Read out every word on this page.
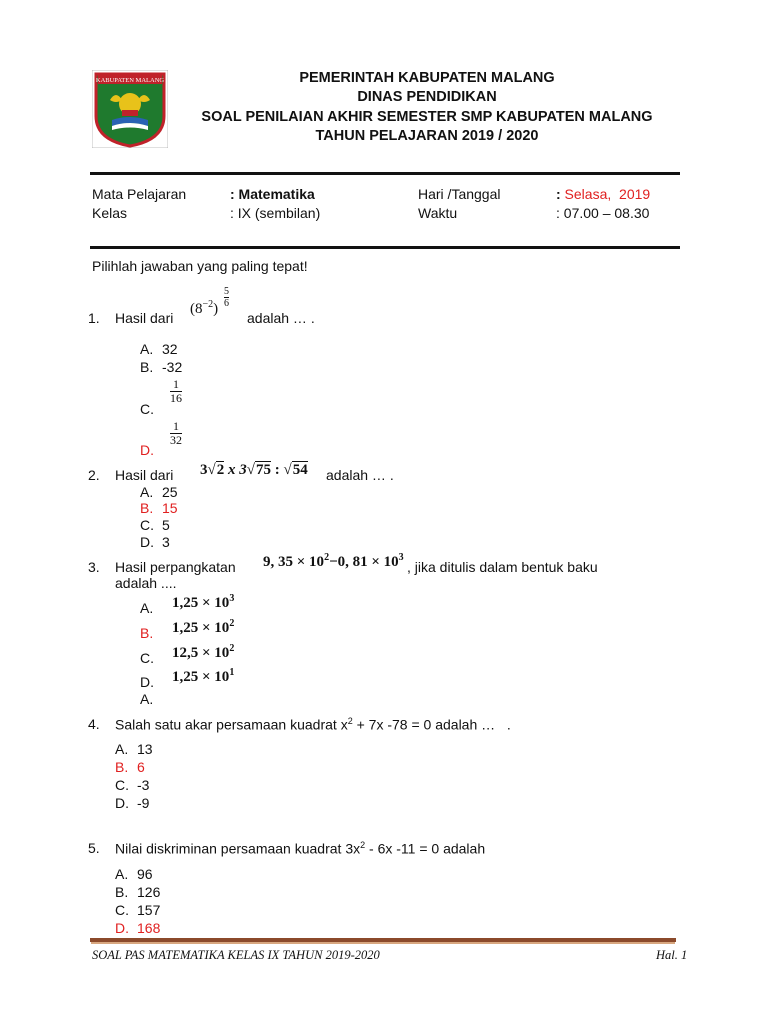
KABUPATEN MALANG	PEMERINTAH KABUPATEN MALANG
DINAS PENDIDIKAN
SOAL PENILAIAN AKHIR SEMESTER SMP KABUPATEN MALANG
TAHUN PELAJARAN 2019 / 2020
Mata Pelajaran	: Matematika
Kelas	: IX (sembilan)
Hari /Tanggal	: Selasa,  2019
Waktu	: 07.00 – 08.30
Pilihlah jawaban yang paling tepat!
1. Hasil dari
$(8^{-2}) \frac{5}{6}$
adalah … .
A. 32
B. -32
C.
$\frac{1}{16}$
D.
$\frac{1}{32}$
2. Hasil dari 3√2 x 3√75 : √54 adalah … .
A. 25
B. 15
C. 5
D. 3
3. Hasil perpangkatan 9, $35 \times 10^2-0$, $81 \times 10^3$
, jika ditulis dalam bentuk baku
adalah ....
A. $1,25 \times 10^3$
B. $1,25 \times 10^2$
C. $12,5 \times 10^2$
D. $1,25 \times 10^1$
A.
4. Salah satu akar persamaan kuadrat $x^2 + 7x$ -78 = 0 adalah …   .
A. 13
B. 6
C. -3
D. -9
5. Nilai diskriminan persamaan kuadrat $3x^2 - 6x$ -11 = 0 adalah
A. 96
B. 126
C. 157
D. 168
SOAL PAS MATEMATIKA KELAS IX TAHUN 2019-2020	Hal. 1
